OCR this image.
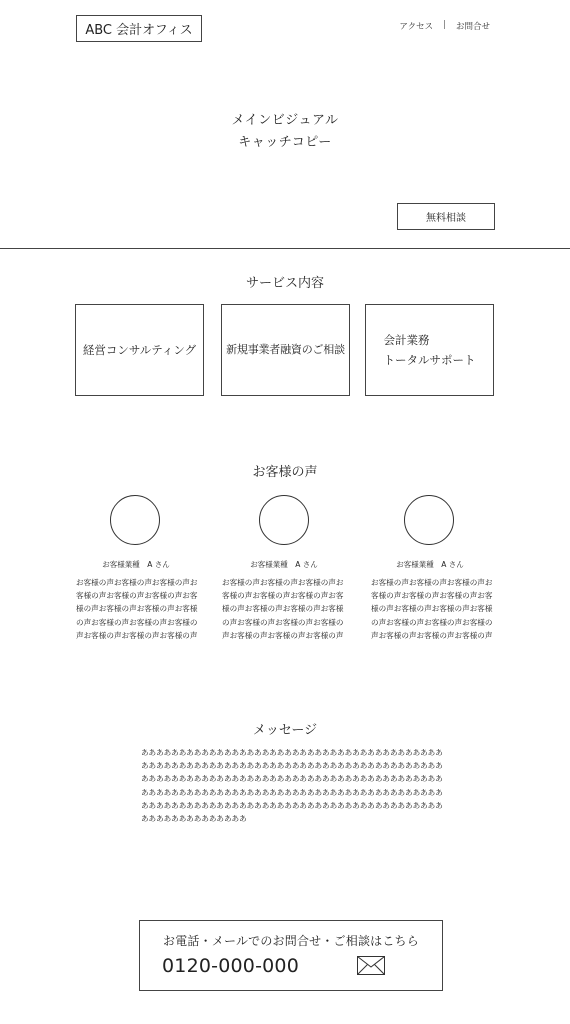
ABC 会計オフィス	アクセス | お問合せ
メインビジュアル
キャッチコピー
無料相談
サービス内容
経営コンサルティング	新規事業者融資のご相談
会計業務
トータルサポート
お客様の声
お客様業種　A さん	お客様業種　A さん	お客様業種　A さん
お客様の声お客様の声お客様の声お客様の声お客様の声お客様の声お客様の声お客様の声お客様の声お客様の声お客様の声お客様の声お客様の声お客様の声お客様の声お客様の声
お客様の声お客様の声お客様の声お客様の声お客様の声お客様の声お客様の声お客様の声お客様の声お客様の声お客様の声お客様の声お客様の声お客様の声お客様の声お客様の声
お客様の声お客様の声お客様の声お客様の声お客様の声お客様の声お客様の声お客様の声お客様の声お客様の声お客様の声お客様の声お客様の声お客様の声お客様の声お客様の声
メッセージ
ああああああああああああああああああああああああああああああああああああああああああああああああああああああああああああああああああああああああああああああああ
ああああああああああああああああああああああああああああああああああああああああああああああああああああああああああああああああああああああああああああああああああああああああああああああああああああああああああああああああああああああああああああああああああああああ
お電話・メールでのお問合せ・ご相談はこちら
0120-000-000
